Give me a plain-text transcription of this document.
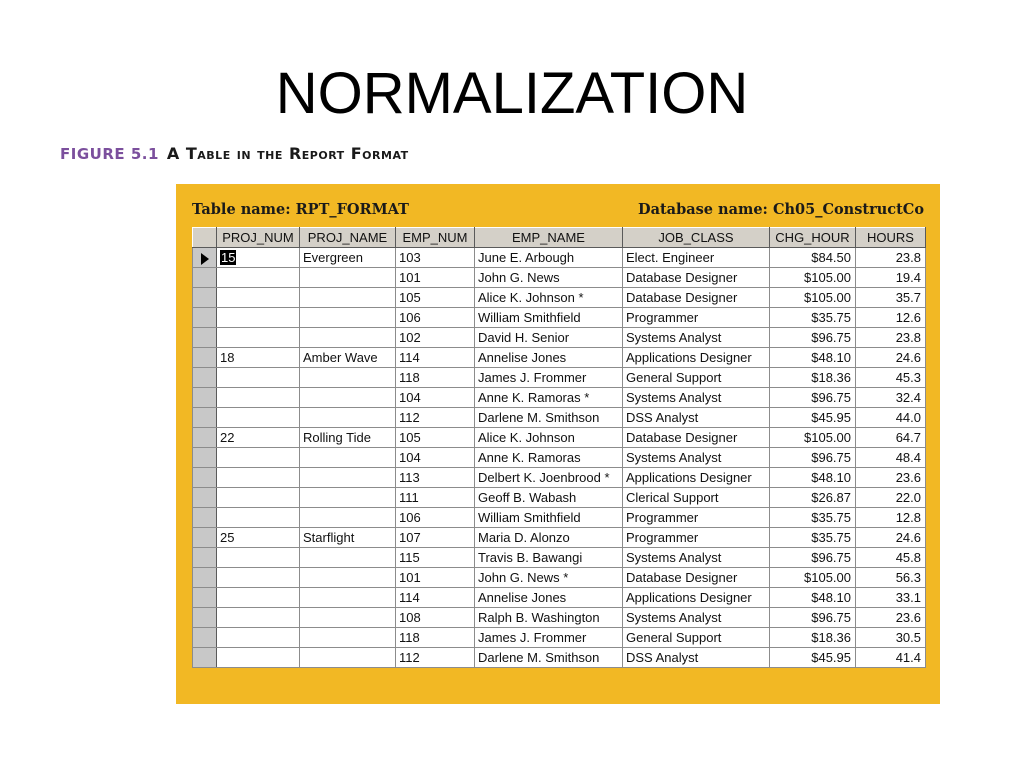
NORMALIZATION
FIGURE 5.1 A Table in the Report Format
Table name: RPT_FORMAT	Database name: Ch05_ConstructCo
	PROJ_NUM	PROJ_NAME	EMP_NUM	EMP_NAME	JOB_CLASS	CHG_HOUR	HOURS
	15	Evergreen	103	June E. Arbough	Elect. Engineer	$84.50	23.8
			101	John G. News	Database Designer	$105.00	19.4
			105	Alice K. Johnson *	Database Designer	$105.00	35.7
			106	William Smithfield	Programmer	$35.75	12.6
			102	David H. Senior	Systems Analyst	$96.75	23.8
	18	Amber Wave	114	Annelise Jones	Applications Designer	$48.10	24.6
			118	James J. Frommer	General Support	$18.36	45.3
			104	Anne K. Ramoras *	Systems Analyst	$96.75	32.4
			112	Darlene M. Smithson	DSS Analyst	$45.95	44.0
	22	Rolling Tide	105	Alice K. Johnson	Database Designer	$105.00	64.7
			104	Anne K. Ramoras	Systems Analyst	$96.75	48.4
			113	Delbert K. Joenbrood *	Applications Designer	$48.10	23.6
			111	Geoff B. Wabash	Clerical Support	$26.87	22.0
			106	William Smithfield	Programmer	$35.75	12.8
	25	Starflight	107	Maria D. Alonzo	Programmer	$35.75	24.6
			115	Travis B. Bawangi	Systems Analyst	$96.75	45.8
			101	John G. News *	Database Designer	$105.00	56.3
			114	Annelise Jones	Applications Designer	$48.10	33.1
			108	Ralph B. Washington	Systems Analyst	$96.75	23.6
			118	James J. Frommer	General Support	$18.36	30.5
			112	Darlene M. Smithson	DSS Analyst	$45.95	41.4
